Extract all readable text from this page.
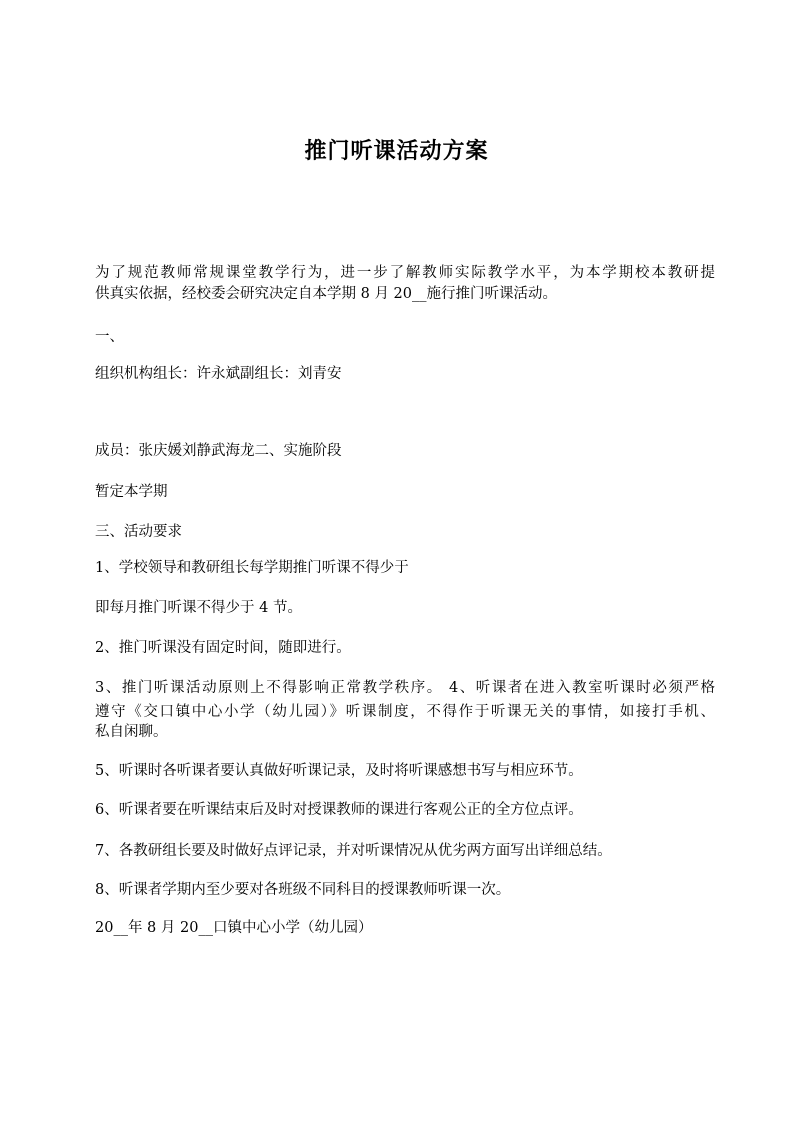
推门听课活动方案
为了规范教师常规课堂教学行为，进一步了解教师实际教学水平，为本学期校本教研提
供真实依据，经校委会研究决定自本学期 8 月 20__施行推门听课活动。
一、
组织机构组长：许永斌副组长：刘青安
成员：张庆媛刘静武海龙二、实施阶段
暂定本学期
三、活动要求
1、学校领导和教研组长每学期推门听课不得少于
即每月推门听课不得少于 4 节。
2、推门听课没有固定时间，随即进行。
3、推门听课活动原则上不得影响正常教学秩序。 4、听课者在进入教室听课时必须严格
遵守《交口镇中心小学（幼儿园）》听课制度，不得作于听课无关的事情，如接打手机、
私自闲聊。
5、听课时各听课者要认真做好听课记录，及时将听课感想书写与相应环节。
6、听课者要在听课结束后及时对授课教师的课进行客观公正的全方位点评。
7、各教研组长要及时做好点评记录，并对听课情况从优劣两方面写出详细总结。
8、听课者学期内至少要对各班级不同科目的授课教师听课一次。
20__年 8 月 20__口镇中心小学（幼儿园）
